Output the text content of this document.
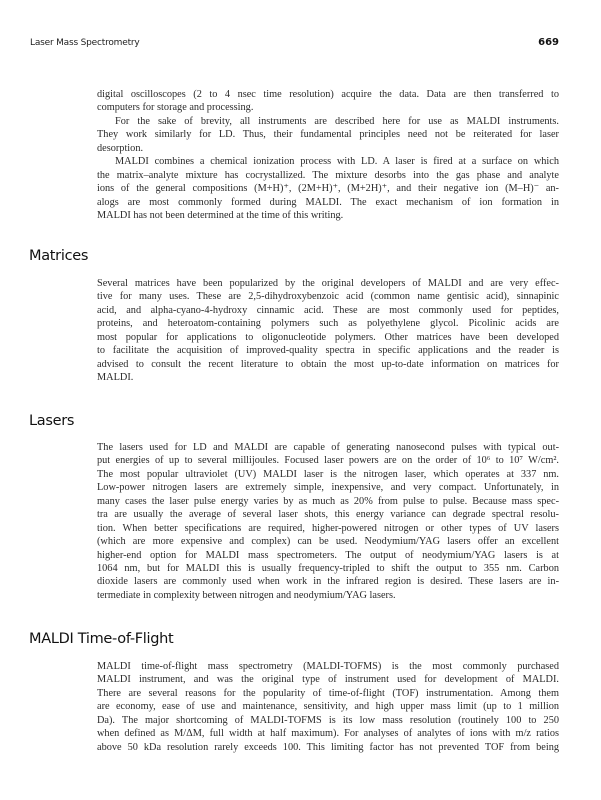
Laser Mass Spectrometry	669
digital oscilloscopes (2 to 4 nsec time resolution) acquire the data. Data are then transferred to
computers for storage and processing.
For the sake of brevity, all instruments are described here for use as MALDI instruments.
They work similarly for LD. Thus, their fundamental principles need not be reiterated for laser
desorption.
MALDI combines a chemical ionization process with LD. A laser is fired at a surface on which
the matrix–analyte mixture has cocrystallized. The mixture desorbs into the gas phase and analyte
ions of the general compositions (M+H)⁺, (2M+H)⁺, (M+2H)⁺, and their negative ion (M–H)⁻ an-
alogs are most commonly formed during MALDI. The exact mechanism of ion formation in
MALDI has not been determined at the time of this writing.
Matrices
Several matrices have been popularized by the original developers of MALDI and are very effec-
tive for many uses. These are 2,5-dihydroxybenzoic acid (common name gentisic acid), sinnapinic
acid, and alpha-cyano-4-hydroxy cinnamic acid. These are most commonly used for peptides,
proteins, and heteroatom-containing polymers such as polyethylene glycol. Picolinic acids are
most popular for applications to oligonucleotide polymers. Other matrices have been developed
to facilitate the acquisition of improved-quality spectra in specific applications and the reader is
advised to consult the recent literature to obtain the most up-to-date information on matrices for
MALDI.
Lasers
The lasers used for LD and MALDI are capable of generating nanosecond pulses with typical out-
put energies of up to several millijoules. Focused laser powers are on the order of 10⁶ to 10⁷ W/cm².
The most popular ultraviolet (UV) MALDI laser is the nitrogen laser, which operates at 337 nm.
Low-power nitrogen lasers are extremely simple, inexpensive, and very compact. Unfortunately, in
many cases the laser pulse energy varies by as much as 20% from pulse to pulse. Because mass spec-
tra are usually the average of several laser shots, this energy variance can degrade spectral resolu-
tion. When better specifications are required, higher-powered nitrogen or other types of UV lasers
(which are more expensive and complex) can be used. Neodymium/YAG lasers offer an excellent
higher-end option for MALDI mass spectrometers. The output of neodymium/YAG lasers is at
1064 nm, but for MALDI this is usually frequency-tripled to shift the output to 355 nm. Carbon
dioxide lasers are commonly used when work in the infrared region is desired. These lasers are in-
termediate in complexity between nitrogen and neodymium/YAG lasers.
MALDI Time-of-Flight
MALDI time-of-flight mass spectrometry (MALDI-TOFMS) is the most commonly purchased
MALDI instrument, and was the original type of instrument used for development of MALDI.
There are several reasons for the popularity of time-of-flight (TOF) instrumentation. Among them
are economy, ease of use and maintenance, sensitivity, and high upper mass limit (up to 1 million
Da). The major shortcoming of MALDI-TOFMS is its low mass resolution (routinely 100 to 250
when defined as M/ΔM, full width at half maximum). For analyses of analytes of ions with m/z ratios
above 50 kDa resolution rarely exceeds 100. This limiting factor has not prevented TOF from being
